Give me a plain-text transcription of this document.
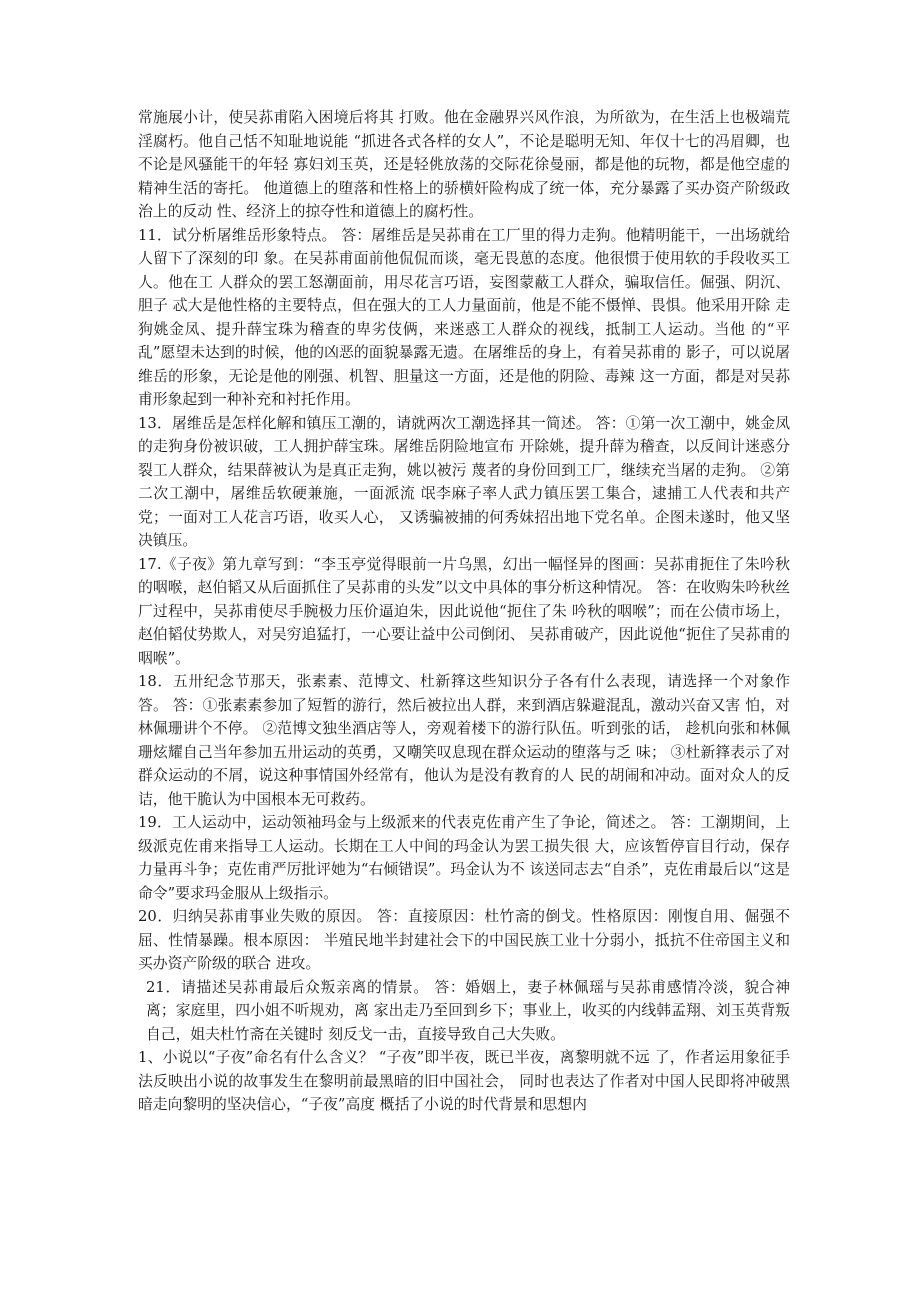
常施展小计，使吴荪甫陷入困境后将其 打败。他在金融界兴风作浪，为所欲为，在生活上也极端荒淫腐朽。他自己恬不知耻地说能 “抓进各式各样的女人”，不论是聪明无知、年仅十七的冯眉卿，也不论是风骚能干的年轻 寡妇刘玉英，还是轻佻放荡的交际花徐曼丽，都是他的玩物，都是他空虚的精神生活的寄托。 他道德上的堕落和性格上的骄横奸险构成了统一体，充分暴露了买办资产阶级政治上的反动 性、经济上的掠夺性和道德上的腐朽性。

11．试分析屠维岳形象特点。 答：屠维岳是吴荪甫在工厂里的得力走狗。他精明能干，一出场就给人留下了深刻的印 象。在吴荪甫面前他侃侃而谈，毫无畏葸的态度。他很惯于使用软的手段收买工人。他在工 人群众的罢工怒潮面前，用尽花言巧语，妄图蒙蔽工人群众，骗取信任。倔强、阴沉、胆子 忒大是他性格的主要特点，但在强大的工人力量面前，他是不能不慑惮、畏惧。他采用开除 走狗姚金凤、提升薛宝珠为稽查的卑劣伎俩，来迷惑工人群众的视线，抵制工人运动。当他 的“平乱”愿望未达到的时候，他的凶恶的面貌暴露无遗。在屠维岳的身上，有着吴荪甫的 影子，可以说屠维岳的形象，无论是他的刚强、机智、胆量这一方面，还是他的阴险、毒辣 这一方面，都是对吴荪甫形象起到一种补充和衬托作用。

13．屠维岳是怎样化解和镇压工潮的，请就两次工潮选择其一简述。 答：①第一次工潮中，姚金凤的走狗身份被识破，工人拥护薛宝珠。屠维岳阴险地宣布 开除姚，提升薛为稽查，以反间计迷惑分裂工人群众，结果薛被认为是真正走狗，姚以被污 蔑者的身份回到工厂，继续充当屠的走狗。 ②第二次工潮中，屠维岳软硬兼施，一面派流 氓李麻子率人武力镇压罢工集合，逮捕工人代表和共产党；一面对工人花言巧语，收买人心， 又诱骗被捕的何秀妹招出地下党名单。企图未遂时，他又坚决镇压。

17.《子夜》第九章写到：“李玉亭觉得眼前一片乌黑，幻出一幅怪异的图画：吴荪甫扼住了朱吟秋的咽喉，赵伯韬又从后面抓住了吴荪甫的头发”以文中具体的事分析这种情况。 答：在收购朱吟秋丝厂过程中，吴荪甫使尽手腕极力压价逼迫朱，因此说他“扼住了朱 吟秋的咽喉”；而在公债市场上，赵伯韬仗势欺人，对吴穷追猛打，一心要让益中公司倒闭、 吴荪甫破产，因此说他“扼住了吴荪甫的咽喉”。

18．五卅纪念节那天，张素素、范博文、杜新箨这些知识分子各有什么表现，请选择一个对象作答。 答：①张素素参加了短暂的游行，然后被拉出人群，来到酒店躲避混乱，激动兴奋又害 怕，对林佩珊讲个不停。 ②范博文独坐酒店等人，旁观着楼下的游行队伍。听到张的话， 趁机向张和林佩珊炫耀自己当年参加五卅运动的英勇，又嘲笑叹息现在群众运动的堕落与乏 味； ③杜新箨表示了对群众运动的不屑，说这种事情国外经常有，他认为是没有教育的人 民的胡闹和冲动。面对众人的反诘，他干脆认为中国根本无可救药。

19．工人运动中，运动领袖玛金与上级派来的代表克佐甫产生了争论，简述之。 答：工潮期间，上级派克佐甫来指导工人运动。长期在工人中间的玛金认为罢工损失很 大，应该暂停盲目行动，保存力量再斗争；克佐甫严厉批评她为“右倾错误”。玛金认为不 该送同志去“自杀”，克佐甫最后以“这是命令”要求玛金服从上级指示。

20．归纳吴荪甫事业失败的原因。 答：直接原因：杜竹斋的倒戈。性格原因：刚愎自用、倔强不屈、性情暴躁。根本原因： 半殖民地半封建社会下的中国民族工业十分弱小，抵抗不住帝国主义和买办资产阶级的联合 进攻。

21．请描述吴荪甫最后众叛亲离的情景。 答：婚姻上，妻子林佩瑶与吴荪甫感情冷淡，貌合神离；家庭里，四小姐不听规劝，离 家出走乃至回到乡下；事业上，收买的内线韩孟翔、刘玉英背叛自己，姐夫杜竹斋在关键时 刻反戈一击，直接导致自己大失败。

1、小说以“子夜”命名有什么含义？ “子夜”即半夜，既已半夜，离黎明就不远 了，作者运用象征手法反映出小说的故事发生在黎明前最黑暗的旧中国社会， 同时也表达了作者对中国人民即将冲破黑暗走向黎明的坚决信心，“子夜”高度 概括了小说的时代背景和思想内
